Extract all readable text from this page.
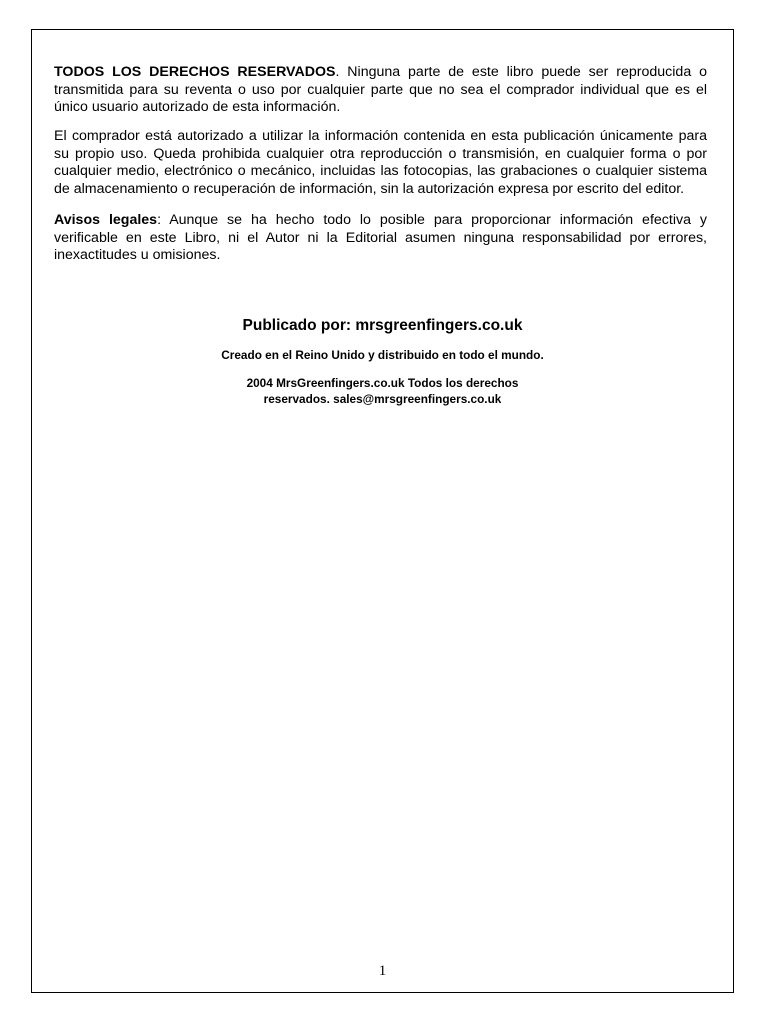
TODOS LOS DERECHOS RESERVADOS. Ninguna parte de este libro puede ser reproducida o transmitida para su reventa o uso por cualquier parte que no sea el comprador individual que es el único usuario autorizado de esta información.

El comprador está autorizado a utilizar la información contenida en esta publicación únicamente para su propio uso. Queda prohibida cualquier otra reproducción o transmisión, en cualquier forma o por cualquier medio, electrónico o mecánico, incluidas las fotocopias, las grabaciones o cualquier sistema de almacenamiento o recuperación de información, sin la autorización expresa por escrito del editor.

Avisos legales: Aunque se ha hecho todo lo posible para proporcionar información efectiva y verificable en este Libro, ni el Autor ni la Editorial asumen ninguna responsabilidad por errores, inexactitudes u omisiones.

Publicado por: mrsgreenfingers.co.uk

Creado en el Reino Unido y distribuido en todo el mundo.

2004 MrsGreenfingers.co.uk Todos los derechos
reservados. sales@mrsgreenfingers.co.uk

1
